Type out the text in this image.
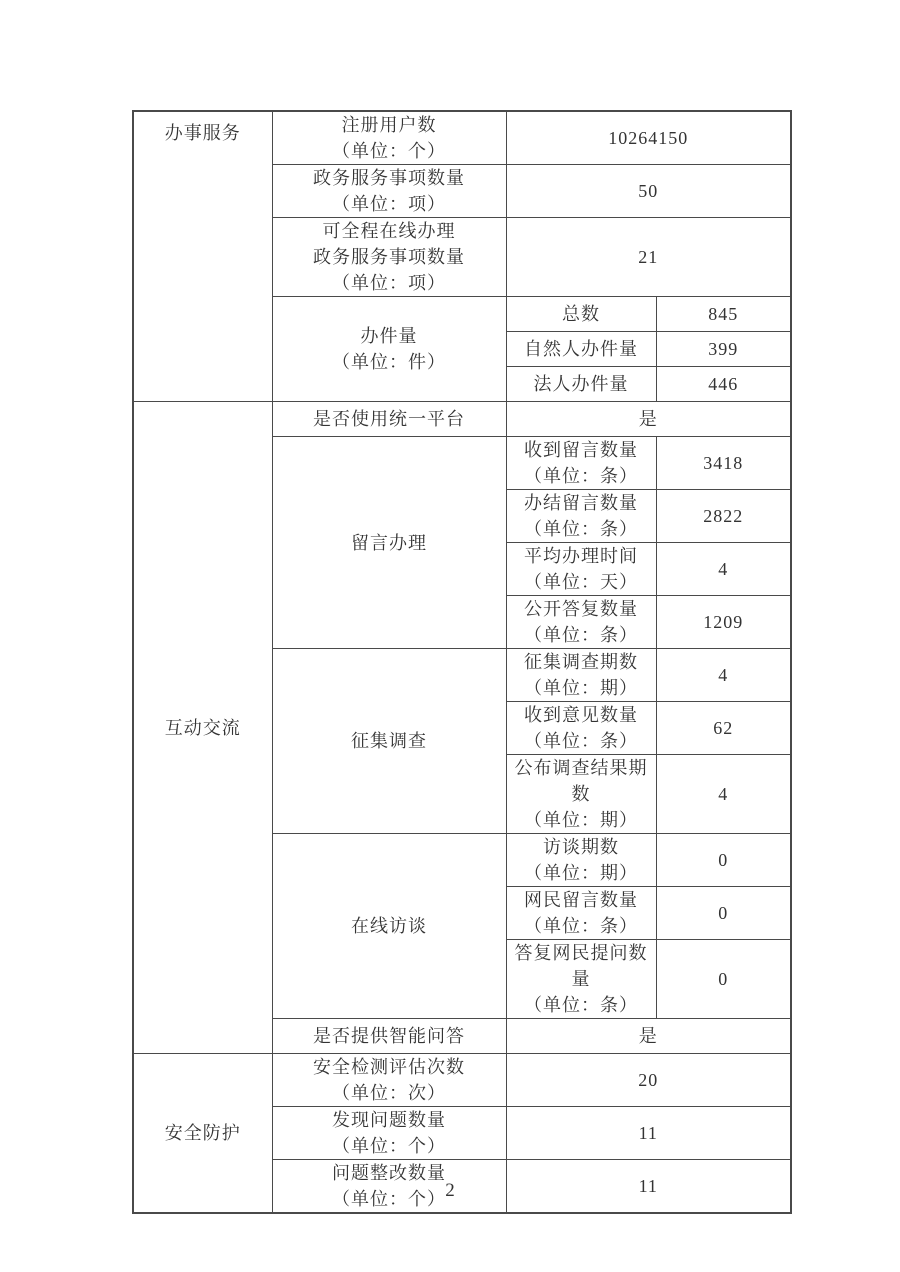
办事服务	注册用户数
（单位：个）	10264150	

	政务服务事项数量
（单位：项）	50	

	可全程在线办理
政务服务事项数量
（单位：项）	21	

	办件量
（单位：件）	总数	845

		自然人办件量	399

		法人办件量	446
互动交流	是否使用统一平台	是	

	留言办理	收到留言数量
（单位：条）	3418

		办结留言数量
（单位：条）	2822

		平均办理时间
（单位：天）	4

		公开答复数量
（单位：条）	1209

	征集调查	征集调查期数
（单位：期）	4

		收到意见数量
（单位：条）	62

		公布调查结果期数
（单位：期）	4

	在线访谈	访谈期数
（单位：期）	0

		网民留言数量
（单位：条）	0

		答复网民提问数量
（单位：条）	0

	是否提供智能问答	是	
安全防护	安全检测评估次数
（单位：次）	20	

	发现问题数量
（单位：个）	11	

	问题整改数量
（单位：个）	11	
2
